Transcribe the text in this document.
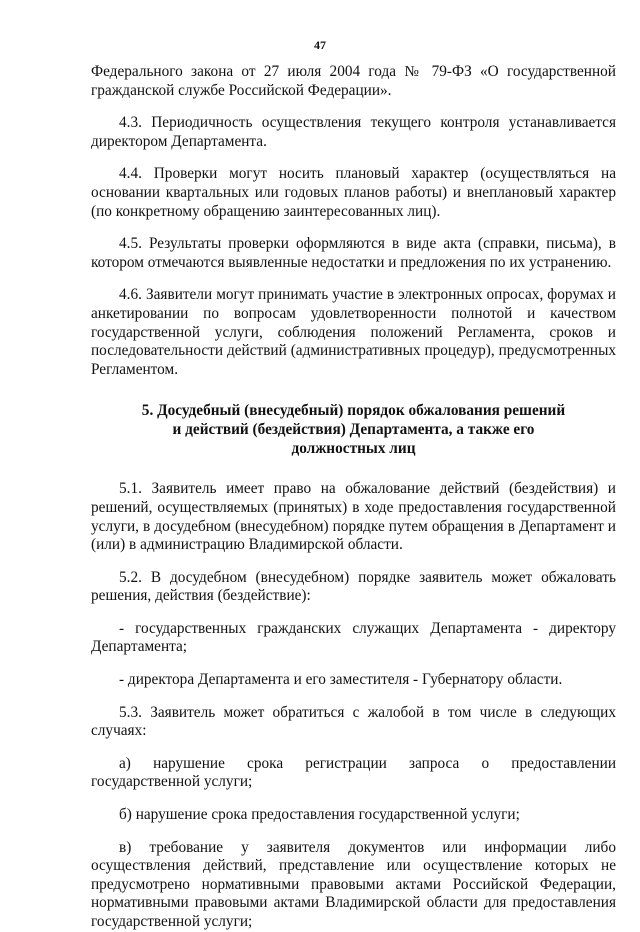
47

Федерального закона от 27 июля 2004 года № 79-ФЗ «О государственной гражданской службе Российской Федерации».

4.3. Периодичность осуществления текущего контроля устанавливается директором Департамента.

4.4. Проверки могут носить плановый характер (осуществляться на основании квартальных или годовых планов работы) и внеплановый характер (по конкретному обращению заинтересованных лиц).

4.5. Результаты проверки оформляются в виде акта (справки, письма), в котором отмечаются выявленные недостатки и предложения по их устранению.

4.6. Заявители могут принимать участие в электронных опросах, форумах и анкетировании по вопросам удовлетворенности полнотой и качеством государственной услуги, соблюдения положений Регламента, сроков и последовательности действий (административных процедур), предусмотренных Регламентом.

5. Досудебный (внесудебный) порядок обжалования решений
и действий (бездействия) Департамента, а также его
должностных лиц

5.1. Заявитель имеет право на обжалование действий (бездействия) и решений, осуществляемых (принятых) в ходе предоставления государственной услуги, в досудебном (внесудебном) порядке путем обращения в Департамент и (или) в администрацию Владимирской области.

5.2. В досудебном (внесудебном) порядке заявитель может обжаловать решения, действия (бездействие):

- государственных гражданских служащих Департамента - директору Департамента;

- директора Департамента и его заместителя - Губернатору области.

5.3. Заявитель может обратиться с жалобой в том числе в следующих случаях:

а) нарушение срока регистрации запроса о предоставлении государственной услуги;

б) нарушение срока предоставления государственной услуги;

в) требование у заявителя документов или информации либо осуществления действий, представление или осуществление которых не предусмотрено нормативными правовыми актами Российской Федерации, нормативными правовыми актами Владимирской области для предоставления государственной услуги;
